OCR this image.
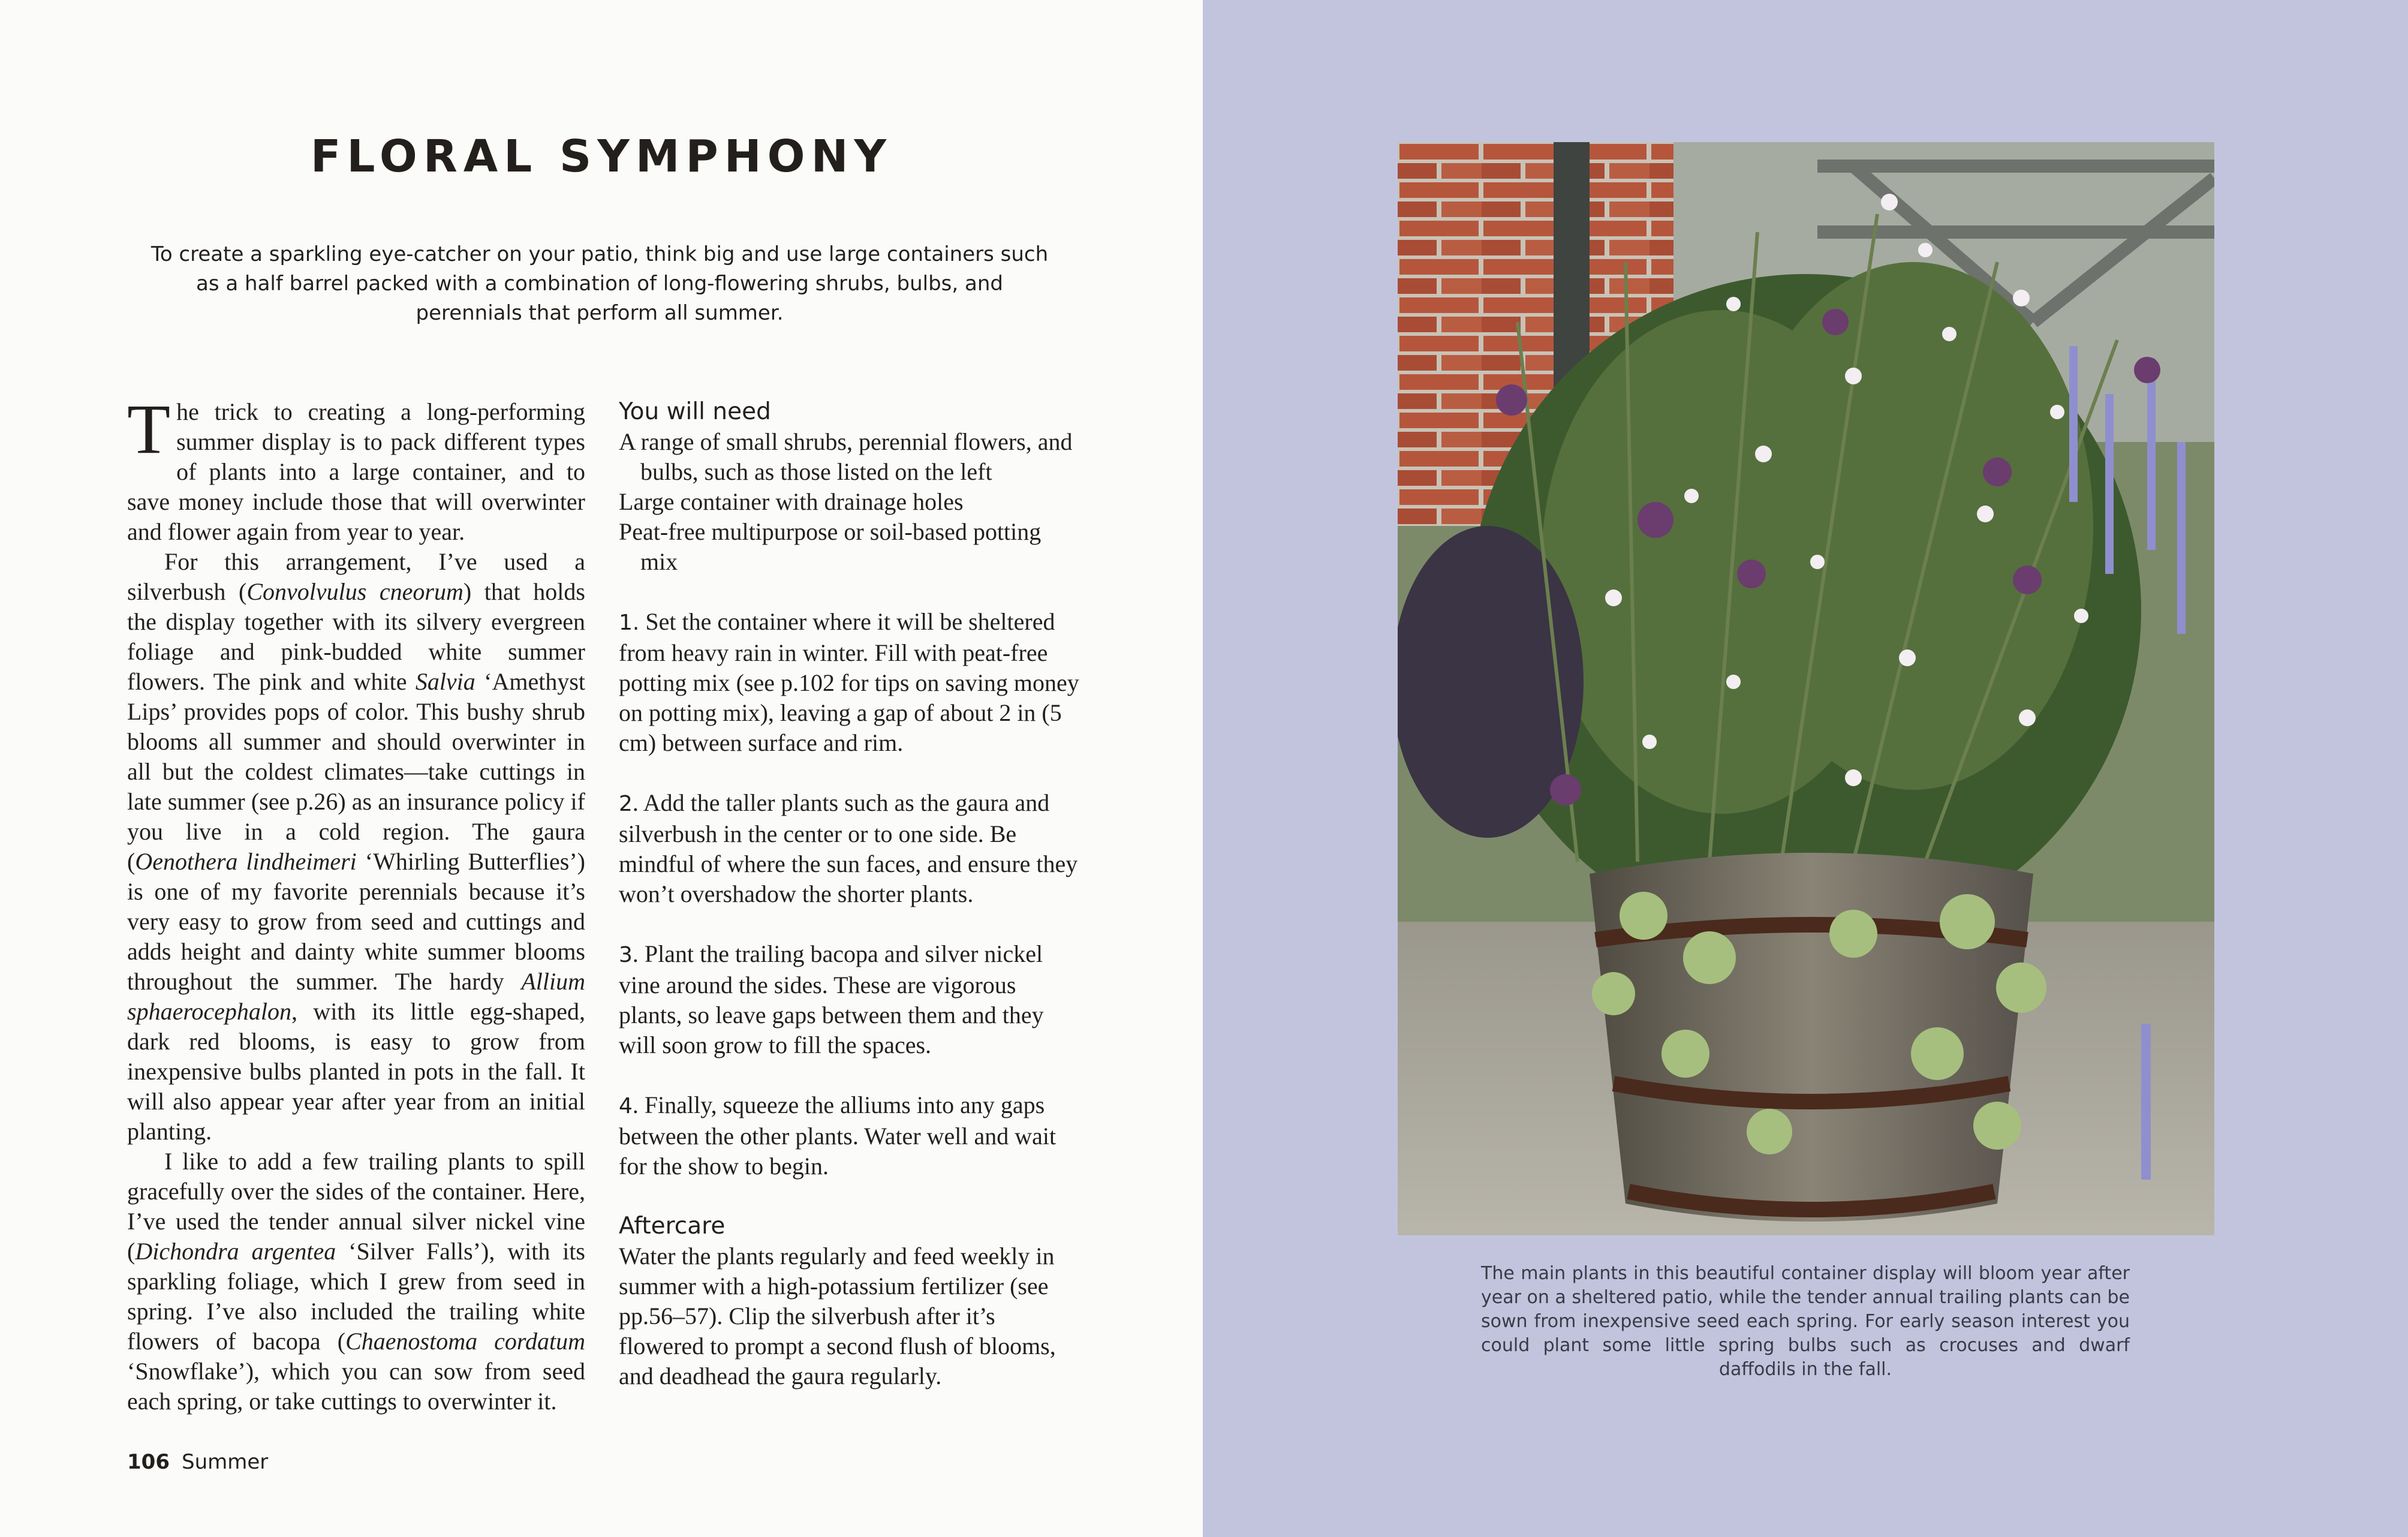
FLORAL SYMPHONY

To create a sparkling eye-catcher on your patio, think big and use large containers such as a half barrel packed with a combination of long-flowering shrubs, bulbs, and perennials that perform all summer.

The trick to creating a long-performing summer display is to pack different types of plants into a large container, and to save money include those that will overwinter and flower again from year to year.

For this arrangement, I’ve used a silverbush (Convolvulus cneorum) that holds the display together with its silvery evergreen foliage and pink-budded white summer flowers. The pink and white Salvia ‘Amethyst Lips’ provides pops of color. This bushy shrub blooms all summer and should overwinter in all but the coldest climates—take cuttings in late summer (see p.26) as an insurance policy if you live in a cold region. The gaura (Oenothera lindheimeri ‘Whirling Butterflies’) is one of my favorite perennials because it’s very easy to grow from seed and cuttings and adds height and dainty white summer blooms throughout the summer. The hardy Allium sphaerocephalon, with its little egg-shaped, dark red blooms, is easy to grow from inexpensive bulbs planted in pots in the fall. It will also appear year after year from an initial planting.

I like to add a few trailing plants to spill gracefully over the sides of the container. Here, I’ve used the tender annual silver nickel vine (Dichondra argentea ‘Silver Falls’), with its sparkling foliage, which I grew from seed in spring. I’ve also included the trailing white flowers of bacopa (Chaenostoma cordatum ‘Snowflake’), which you can sow from seed each spring, or take cuttings to overwinter it.

You will need
A range of small shrubs, perennial flowers, and bulbs, such as those listed on the left
Large container with drainage holes
Peat-free multipurpose or soil-based potting mix

1. Set the container where it will be sheltered from heavy rain in winter. Fill with peat-free potting mix (see p.102 for tips on saving money on potting mix), leaving a gap of about 2 in (5 cm) between surface and rim.

2. Add the taller plants such as the gaura and silverbush in the center or to one side. Be mindful of where the sun faces, and ensure they won’t overshadow the shorter plants.

3. Plant the trailing bacopa and silver nickel vine around the sides. These are vigorous plants, so leave gaps between them and they will soon grow to fill the spaces.

4. Finally, squeeze the alliums into any gaps between the other plants. Water well and wait for the show to begin.

Aftercare

Water the plants regularly and feed weekly in summer with a high-potassium fertilizer (see pp.56–57). Clip the silverbush after it’s flowered to prompt a second flush of blooms, and deadhead the gaura regularly.

106 Summer

The main plants in this beautiful container display will bloom year after year on a sheltered patio, while the tender annual trailing plants can be sown from inexpensive seed each spring. For early season interest you could plant some little spring bulbs such as crocuses and dwarf daffodils in the fall.
